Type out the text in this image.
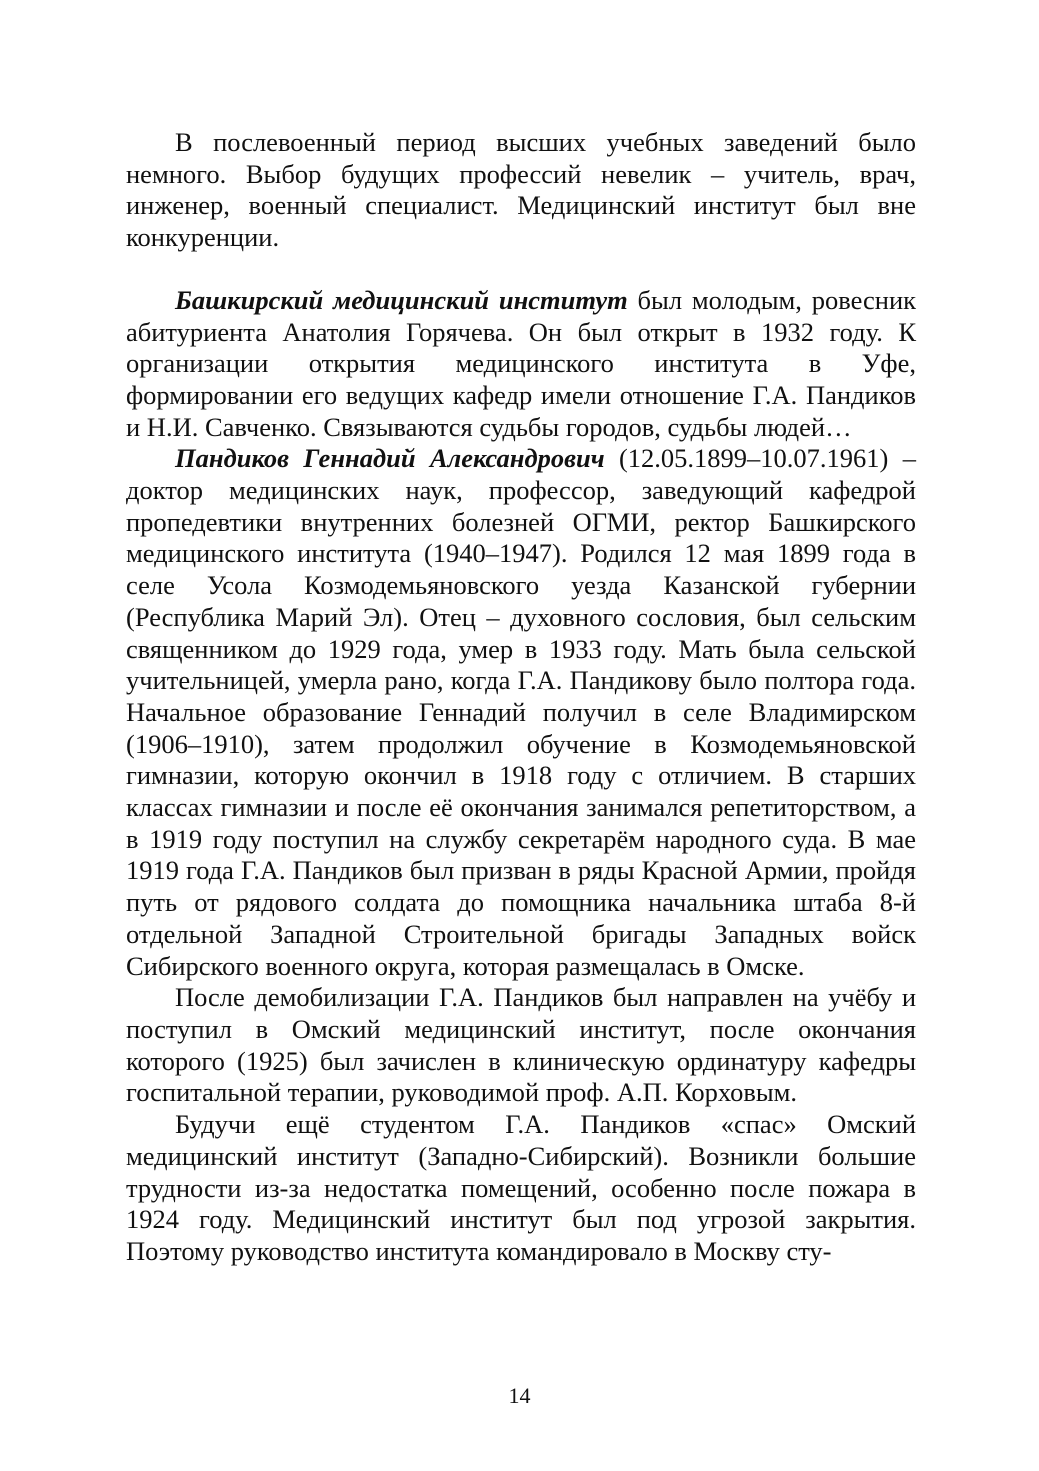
В послевоенный период высших учебных заведений было немного. Выбор будущих профессий невелик – учитель, врач, инженер, военный специалист. Медицинский институт был вне конкуренции.

Башкирский медицинский институт был молодым, ровесник абитуриента Анатолия Горячева. Он был открыт в 1932 году. К организации открытия медицинского института в Уфе, формировании его ведущих кафедр имели отношение Г.А. Пандиков и Н.И. Савченко. Связываются судьбы городов, судьбы людей…

Пандиков Геннадий Александрович (12.05.1899–10.07.1961) – доктор медицинских наук, профессор, заведующий кафедрой пропедевтики внутренних болезней ОГМИ, ректор Башкирского медицинского института (1940–1947). Родился 12 мая 1899 года в селе Усола Козмодемьяновского уезда Казанской губернии (Республика Марий Эл). Отец – духовного сословия, был сельским священником до 1929 года, умер в 1933 году. Мать была сельской учительницей, умерла рано, когда Г.А. Пандикову было полтора года. Начальное образование Геннадий получил в селе Владимирском (1906–1910), затем продолжил обучение в Козмодемьяновской гимназии, которую окончил в 1918 году с отличием. В старших классах гимназии и после её окончания занимался репетиторством, а в 1919 году поступил на службу секретарём народного суда. В мае 1919 года Г.А. Пандиков был призван в ряды Красной Армии, пройдя путь от рядового солдата до помощника начальника штаба 8-й отдельной Западной Строительной бригады Западных войск Сибирского военного округа, которая размещалась в Омске.

После демобилизации Г.А. Пандиков был направлен на учёбу и поступил в Омский медицинский институт, после окончания которого (1925) был зачислен в клиническую ординатуру кафедры госпитальной терапии, руководимой проф. А.П. Корховым.

Будучи ещё студентом Г.А. Пандиков «спас» Омский медицинский институт (Западно-Сибирский). Возникли большие трудности из-за недостатка помещений, особенно после пожара в 1924 году. Медицинский институт был под угрозой закрытия. Поэтому руководство института командировало в Москву сту-

14
